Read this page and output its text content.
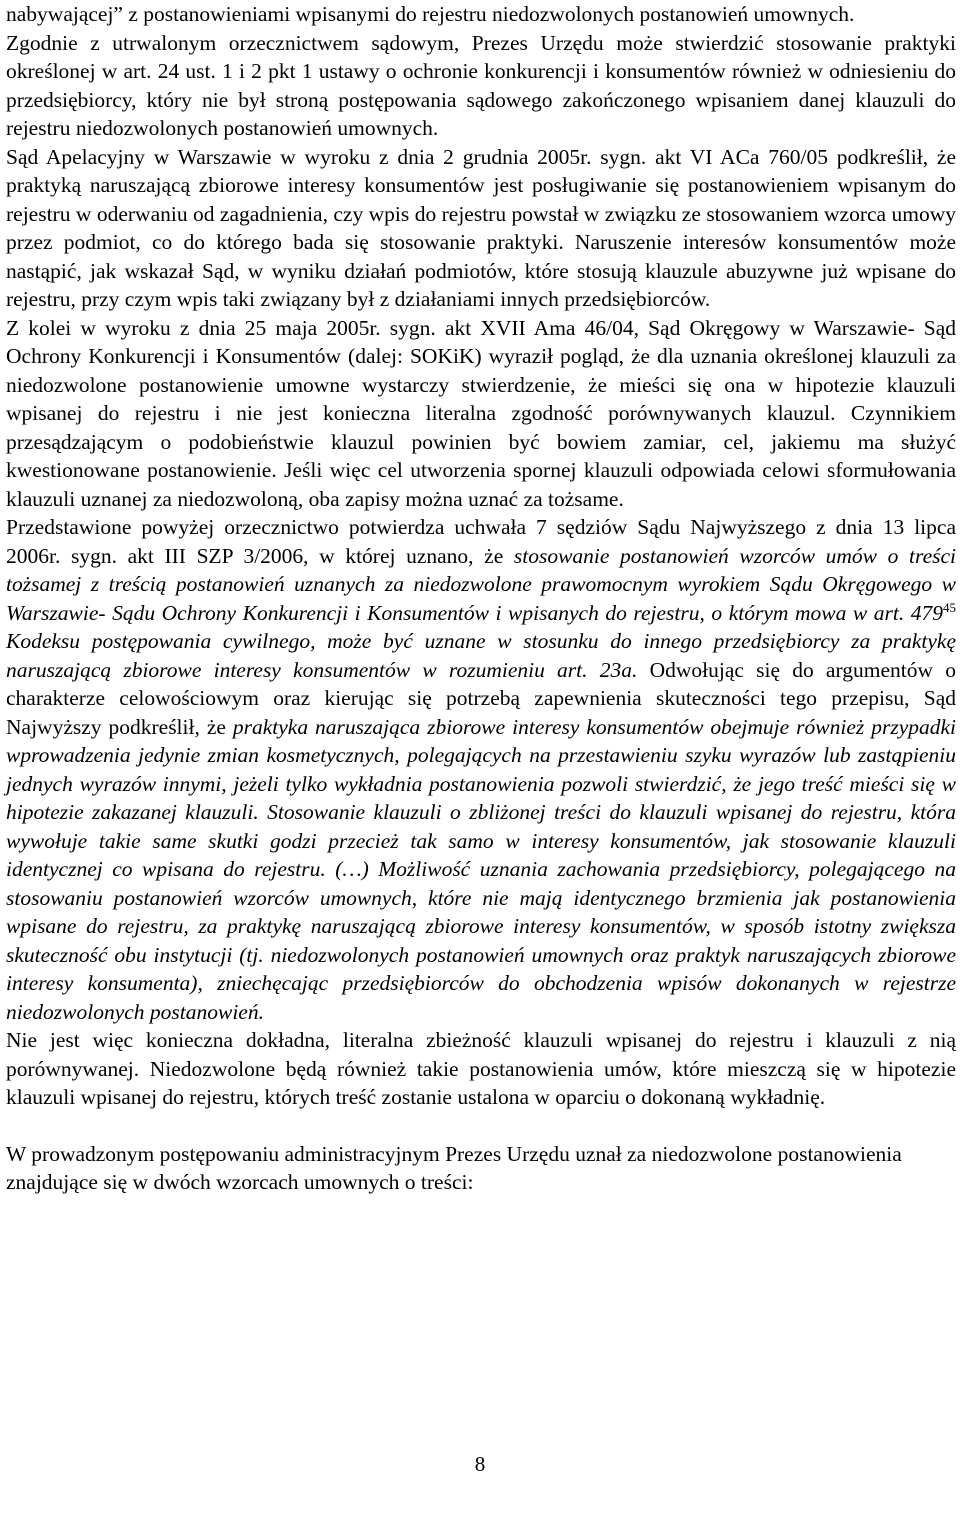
nabywającej” z postanowieniami wpisanymi do rejestru niedozwolonych postanowień umownych.

Zgodnie z utrwalonym orzecznictwem sądowym, Prezes Urzędu może stwierdzić stosowanie praktyki określonej w art. 24 ust. 1 i 2 pkt 1 ustawy o ochronie konkurencji i konsumentów również w odniesieniu do przedsiębiorcy, który nie był stroną postępowania sądowego zakończonego wpisaniem danej klauzuli do rejestru niedozwolonych postanowień umownych.

Sąd Apelacyjny w Warszawie w wyroku z dnia 2 grudnia 2005r. sygn. akt VI ACa 760/05 podkreślił, że praktyką naruszającą zbiorowe interesy konsumentów jest posługiwanie się postanowieniem wpisanym do rejestru w oderwaniu od zagadnienia, czy wpis do rejestru powstał w związku ze stosowaniem wzorca umowy przez podmiot, co do którego bada się stosowanie praktyki. Naruszenie interesów konsumentów może nastąpić, jak wskazał Sąd, w wyniku działań podmiotów, które stosują klauzule abuzywne już wpisane do rejestru, przy czym wpis taki związany był z działaniami innych przedsiębiorców.

Z kolei w wyroku z dnia 25 maja 2005r. sygn. akt XVII Ama 46/04, Sąd Okręgowy w Warszawie- Sąd Ochrony Konkurencji i Konsumentów (dalej: SOKiK) wyraził pogląd, że dla uznania określonej klauzuli za niedozwolone postanowienie umowne wystarczy stwierdzenie, że mieści się ona w hipotezie klauzuli wpisanej do rejestru i nie jest konieczna literalna zgodność porównywanych klauzul. Czynnikiem przesądzającym o podobieństwie klauzul powinien być bowiem zamiar, cel, jakiemu ma służyć kwestionowane postanowienie. Jeśli więc cel utworzenia spornej klauzuli odpowiada celowi sformułowania klauzuli uznanej za niedozwoloną, oba zapisy można uznać za tożsame.

Przedstawione powyżej orzecznictwo potwierdza uchwała 7 sędziów Sądu Najwyższego z dnia 13 lipca 2006r. sygn. akt III SZP 3/2006, w której uznano, że stosowanie postanowień wzorców umów o treści tożsamej z treścią postanowień uznanych za niedozwolone prawomocnym wyrokiem Sądu Okręgowego w Warszawie- Sądu Ochrony Konkurencji i Konsumentów i wpisanych do rejestru, o którym mowa w art. $479^{45}$ Kodeksu postępowania cywilnego, może być uznane w stosunku do innego przedsiębiorcy za praktykę naruszającą zbiorowe interesy konsumentów w rozumieniu art. 23a. Odwołując się do argumentów o charakterze celowościowym oraz kierując się potrzebą zapewnienia skuteczności tego przepisu, Sąd Najwyższy podkreślił, że praktyka naruszająca zbiorowe interesy konsumentów obejmuje również przypadki wprowadzenia jedynie zmian kosmetycznych, polegających na przestawieniu szyku wyrazów lub zastąpieniu jednych wyrazów innymi, jeżeli tylko wykładnia postanowienia pozwoli stwierdzić, że jego treść mieści się w hipotezie zakazanej klauzuli. Stosowanie klauzuli o zbliżonej treści do klauzuli wpisanej do rejestru, która wywołuje takie same skutki godzi przecież tak samo w interesy konsumentów, jak stosowanie klauzuli identycznej co wpisana do rejestru. (…) Możliwość uznania zachowania przedsiębiorcy, polegającego na stosowaniu postanowień wzorców umownych, które nie mają identycznego brzmienia jak postanowienia wpisane do rejestru, za praktykę naruszającą zbiorowe interesy konsumentów, w sposób istotny zwiększa skuteczność obu instytucji (tj. niedozwolonych postanowień umownych oraz praktyk naruszających zbiorowe interesy konsumenta), zniechęcając przedsiębiorców do obchodzenia wpisów dokonanych w rejestrze niedozwolonych postanowień.

Nie jest więc konieczna dokładna, literalna zbieżność klauzuli wpisanej do rejestru i klauzuli z nią porównywanej. Niedozwolone będą również takie postanowienia umów, które mieszczą się w hipotezie klauzuli wpisanej do rejestru, których treść zostanie ustalona w oparciu o dokonaną wykładnię.

W prowadzonym postępowaniu administracyjnym Prezes Urzędu uznał za niedozwolone postanowienia znajdujące się w dwóch wzorcach umownych o treści:

8
